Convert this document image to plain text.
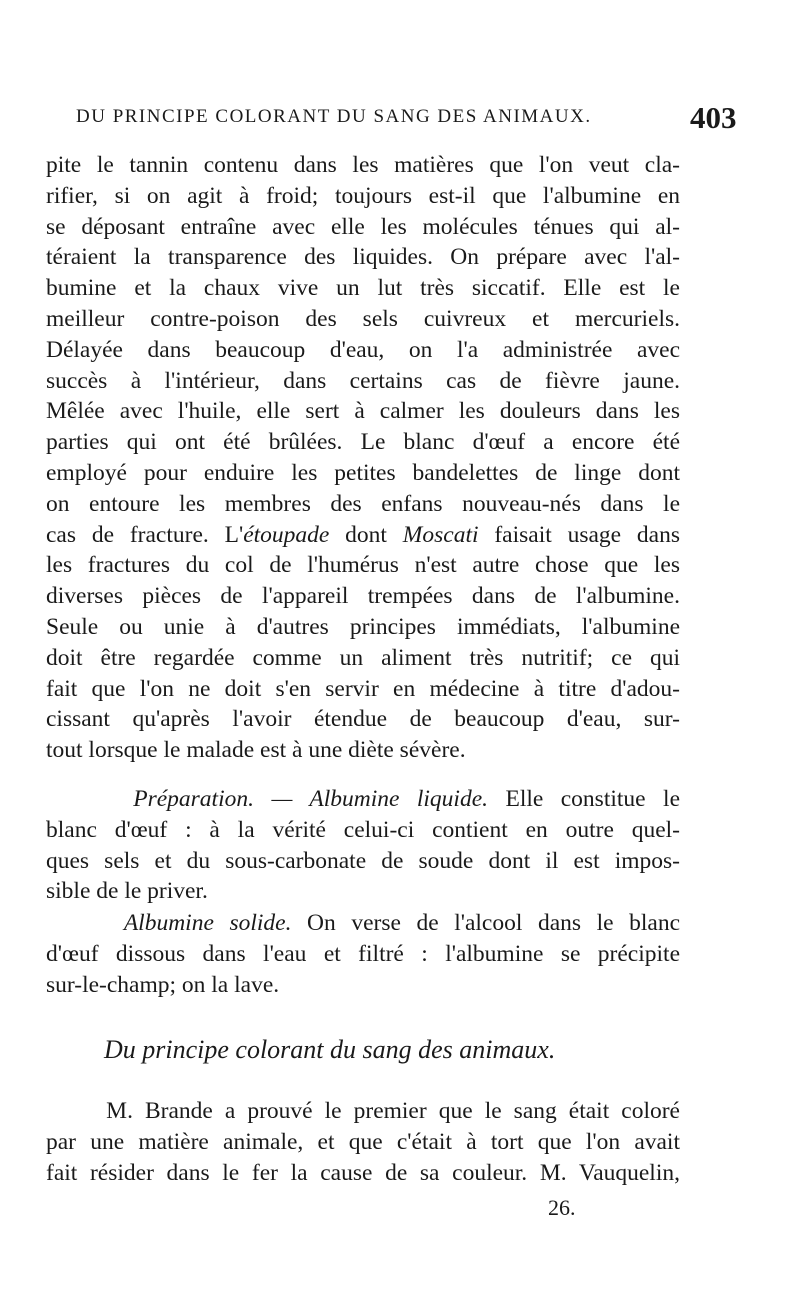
DU PRINCIPE COLORANT DU SANG DES ANIMAUX.	403
pite le tannin contenu dans les matières que l'on veut cla-
rifier, si on agit à froid; toujours est-il que l'albumine en
se déposant entraîne avec elle les molécules ténues qui al-
téraient la transparence des liquides. On prépare avec l'al-
bumine et la chaux vive un lut très siccatif. Elle est le
meilleur contre-poison des sels cuivreux et mercuriels.
Délayée dans beaucoup d'eau, on l'a administrée avec
succès à l'intérieur, dans certains cas de fièvre jaune.
Mêlée avec l'huile, elle sert à calmer les douleurs dans les
parties qui ont été brûlées. Le blanc d'œuf a encore été
employé pour enduire les petites bandelettes de linge dont
on entoure les membres des enfans nouveau-nés dans le
cas de fracture. L'étoupade dont Moscati faisait usage dans
les fractures du col de l'humérus n'est autre chose que les
diverses pièces de l'appareil trempées dans de l'albumine.
Seule ou unie à d'autres principes immédiats, l'albumine
doit être regardée comme un aliment très nutritif; ce qui
fait que l'on ne doit s'en servir en médecine à titre d'adou-
cissant qu'après l'avoir étendue de beaucoup d'eau, sur-
tout lorsque le malade est à une diète sévère.
Préparation. — Albumine liquide. Elle constitue le
blanc d'œuf : à la vérité celui-ci contient en outre quel-
ques sels et du sous-carbonate de soude dont il est impos-
sible de le priver.
Albumine solide. On verse de l'alcool dans le blanc
d'œuf dissous dans l'eau et filtré : l'albumine se précipite
sur-le-champ; on la lave.
Du principe colorant du sang des animaux.
M. Brande a prouvé le premier que le sang était coloré
par une matière animale, et que c'était à tort que l'on avait
fait résider dans le fer la cause de sa couleur. M. Vauquelin,
26.
